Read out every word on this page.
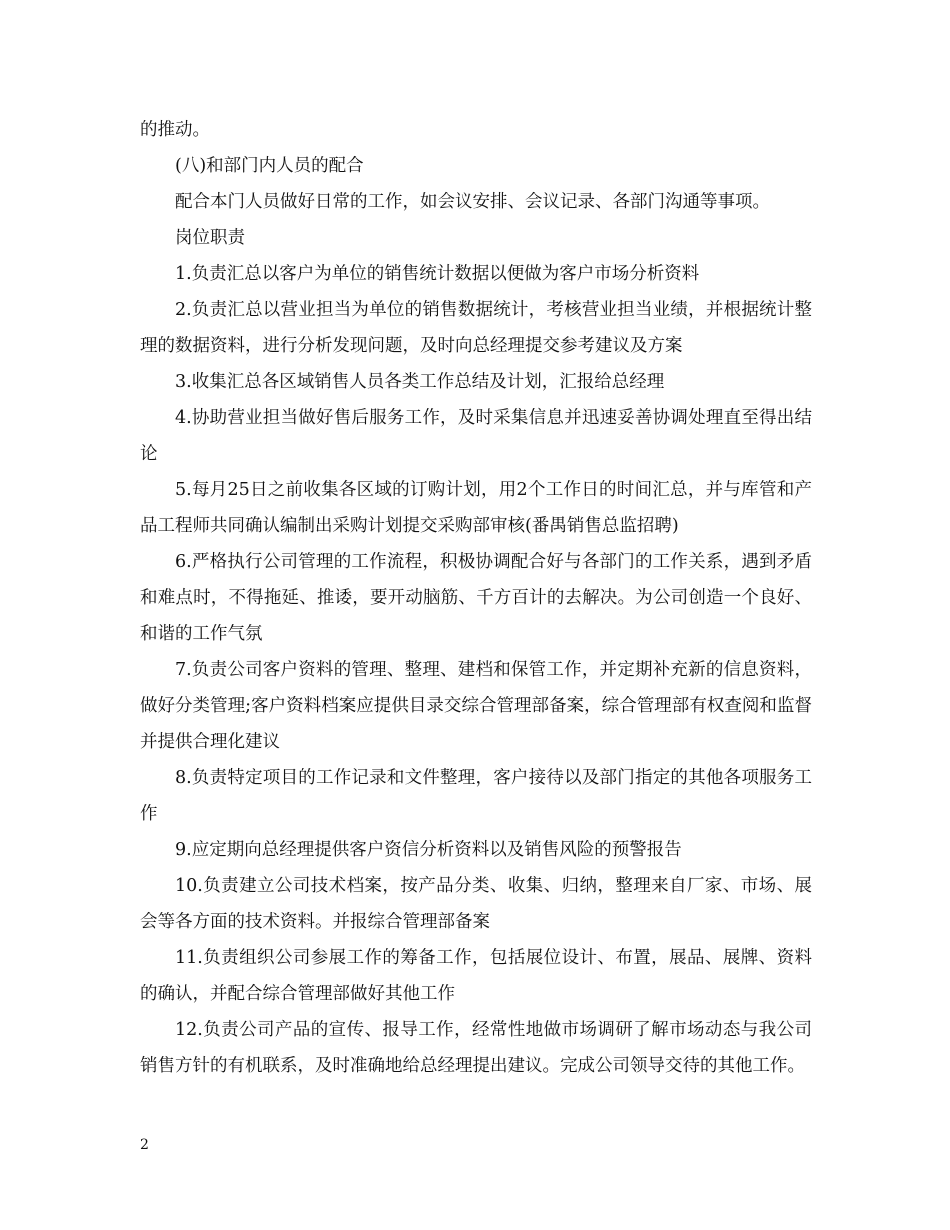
的推动。

(八)和部门内人员的配合

配合本门人员做好日常的工作，如会议安排、会议记录、各部门沟通等事项。

岗位职责

1.负责汇总以客户为单位的销售统计数据以便做为客户市场分析资料

2.负责汇总以营业担当为单位的销售数据统计，考核营业担当业绩，并根据统计整理的数据资料，进行分析发现问题，及时向总经理提交参考建议及方案

3.收集汇总各区域销售人员各类工作总结及计划，汇报给总经理

4.协助营业担当做好售后服务工作，及时采集信息并迅速妥善协调处理直至得出结论

5.每月25日之前收集各区域的订购计划，用2个工作日的时间汇总，并与库管和产品工程师共同确认编制出采购计划提交采购部审核(番禺销售总监招聘)

6.严格执行公司管理的工作流程，积极协调配合好与各部门的工作关系，遇到矛盾和难点时，不得拖延、推诿，要开动脑筋、千方百计的去解决。为公司创造一个良好、和谐的工作气氛

7.负责公司客户资料的管理、整理、建档和保管工作，并定期补充新的信息资料，做好分类管理;客户资料档案应提供目录交综合管理部备案，综合管理部有权查阅和监督并提供合理化建议

8.负责特定项目的工作记录和文件整理，客户接待以及部门指定的其他各项服务工作

9.应定期向总经理提供客户资信分析资料以及销售风险的预警报告

10.负责建立公司技术档案，按产品分类、收集、归纳，整理来自厂家、市场、展会等各方面的技术资料。并报综合管理部备案

11.负责组织公司参展工作的筹备工作，包括展位设计、布置，展品、展牌、资料的确认，并配合综合管理部做好其他工作

12.负责公司产品的宣传、报导工作，经常性地做市场调研了解市场动态与我公司销售方针的有机联系，及时准确地给总经理提出建议。完成公司领导交待的其他工作。

2
